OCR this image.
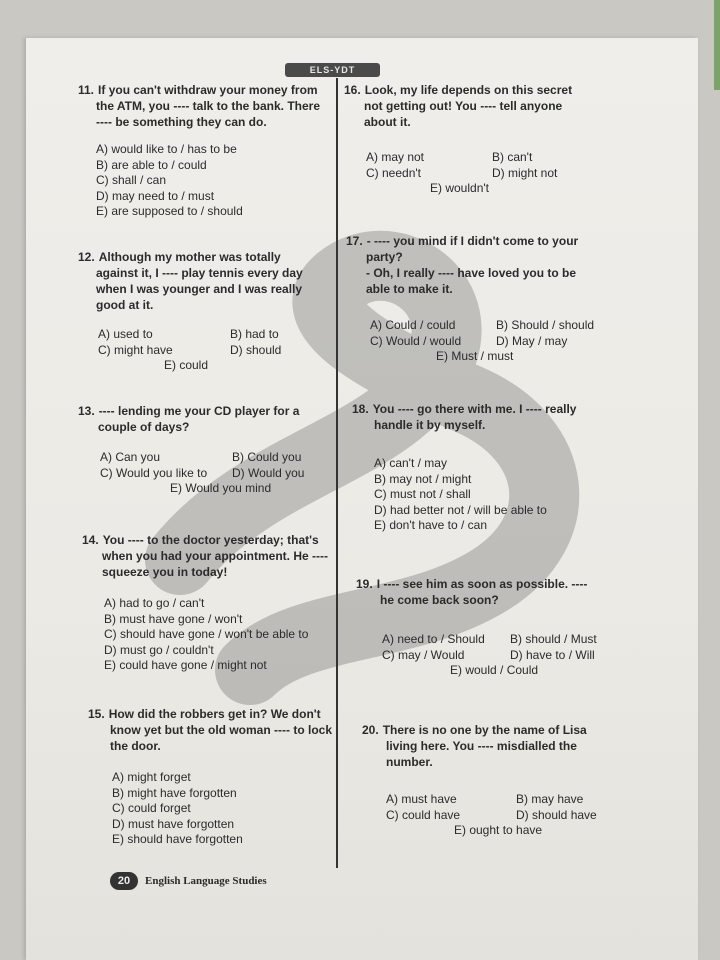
ELS-YDT
11. If you can't withdraw your money from
the ATM, you ---- talk to the bank. There
---- be something they can do.
A) would like to / has to be
B) are able to / could
C) shall / can
D) may need to / must
E) are supposed to / should
12. Although my mother was totally
against it, I ---- play tennis every day
when I was younger and I was really
good at it.
A) used to	B) had to
C) might have	D) should
E) could
13. ---- lending me your CD player for a
couple of days?
A) Can you	B) Could you
C) Would you like to	D) Would you
E) Would you mind
14. You ---- to the doctor yesterday; that's
when you had your appointment. He ----
squeeze you in today!
A) had to go / can't
B) must have gone / won't
C) should have gone / won't be able to
D) must go / couldn't
E) could have gone / might not
15. How did the robbers get in? We don't
know yet but the old woman ---- to lock
the door.
A) might forget
B) might have forgotten
C) could forget
D) must have forgotten
E) should have forgotten
16. Look, my life depends on this secret
not getting out! You ---- tell anyone
about it.
A) may not	B) can't
C) needn't	D) might not
E) wouldn't
17. - ---- you mind if I didn't come to your
party?
- Oh, I really ---- have loved you to be
able to make it.
A) Could / could	B) Should / should
C) Would / would	D) May / may
E) Must / must
18. You ---- go there with me. I ---- really
handle it by myself.
A) can't / may
B) may not / might
C) must not / shall
D) had better not / will be able to
E) don't have to / can
19. I ---- see him as soon as possible. ----
he come back soon?
A) need to / Should	B) should / Must
C) may / Would	D) have to / Will
E) would / Could
20. There is no one by the name of Lisa
living here. You ---- misdialled the
number.
A) must have	B) may have
C) could have	D) should have
E) ought to have
20	English Language Studies
